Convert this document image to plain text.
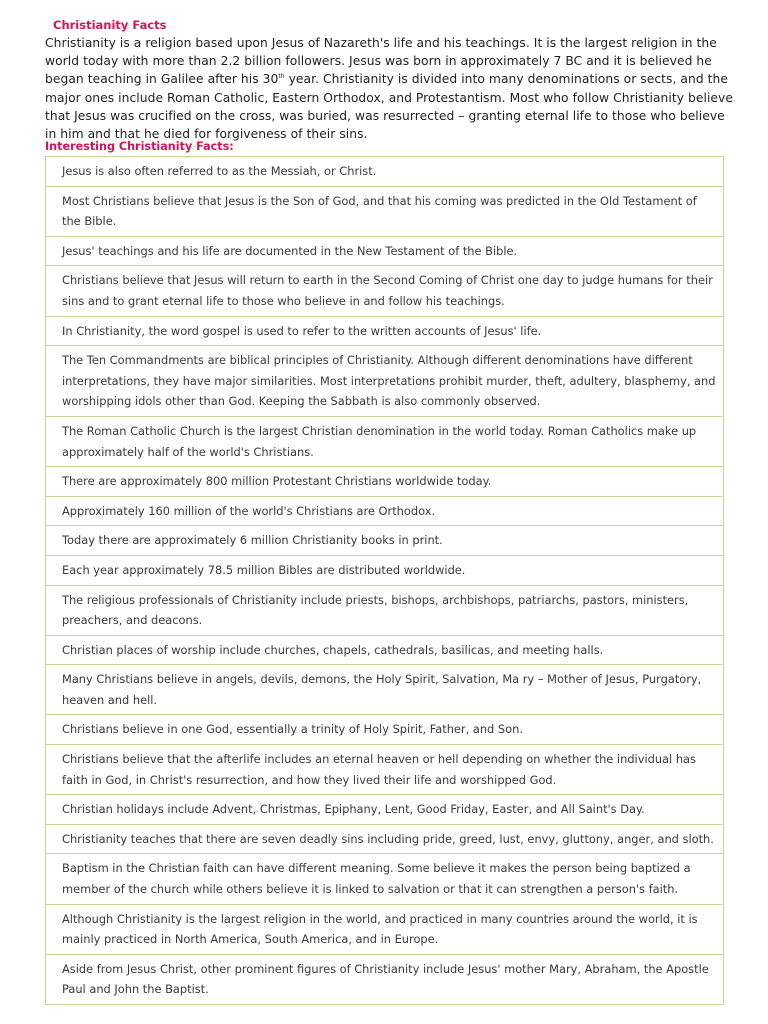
Christianity Facts
Christianity is a religion based upon Jesus of Nazareth's life and his teachings. It is the largest religion in the world today with more than 2.2 billion followers. Jesus was born in approximately 7 BC and it is believed he began teaching in Galilee after his 30th year. Christianity is divided into many denominations or sects, and the major ones include Roman Catholic, Eastern Orthodox, and Protestantism. Most who follow Christianity believe that Jesus was crucified on the cross, was buried, was resurrected – granting eternal life to those who believe in him and that he died for forgiveness of their sins.
Interesting Christianity Facts:
Jesus is also often referred to as the Messiah, or Christ.
Most Christians believe that Jesus is the Son of God, and that his coming was predicted in the Old Testament of the Bible.
Jesus' teachings and his life are documented in the New Testament of the Bible.
Christians believe that Jesus will return to earth in the Second Coming of Christ one day to judge humans for their sins and to grant eternal life to those who believe in and follow his teachings.
In Christianity, the word gospel is used to refer to the written accounts of Jesus' life.
The Ten Commandments are biblical principles of Christianity. Although different denominations have different interpretations, they have major similarities. Most interpretations prohibit murder, theft, adultery, blasphemy, and worshipping idols other than God. Keeping the Sabbath is also commonly observed.
The Roman Catholic Church is the largest Christian denomination in the world today. Roman Catholics make up approximately half of the world's Christians.
There are approximately 800 million Protestant Christians worldwide today.
Approximately 160 million of the world's Christians are Orthodox.
Today there are approximately 6 million Christianity books in print.
Each year approximately 78.5 million Bibles are distributed worldwide.
The religious professionals of Christianity include priests, bishops, archbishops, patriarchs, pastors, ministers, preachers, and deacons.
Christian places of worship include churches, chapels, cathedrals, basilicas, and meeting halls.
Many Christians believe in angels, devils, demons, the Holy Spirit, Salvation, Ma ry – Mother of Jesus, Purgatory, heaven and hell.
Christians believe in one God, essentially a trinity of Holy Spirit, Father, and Son.
Christians believe that the afterlife includes an eternal heaven or hell depending on whether the individual has faith in God, in Christ's resurrection, and how they lived their life and worshipped God.
Christian holidays include Advent, Christmas, Epiphany, Lent, Good Friday, Easter, and All Saint's Day.
Christianity teaches that there are seven deadly sins including pride, greed, lust, envy, gluttony, anger, and sloth.
Baptism in the Christian faith can have different meaning. Some believe it makes the person being baptized a member of the church while others believe it is linked to salvation or that it can strengthen a person's faith.
Although Christianity is the largest religion in the world, and practiced in many countries around the world, it is mainly practiced in North America, South America, and in Europe.
Aside from Jesus Christ, other prominent figures of Christianity include Jesus' mother Mary, Abraham, the Apostle Paul and John the Baptist.
